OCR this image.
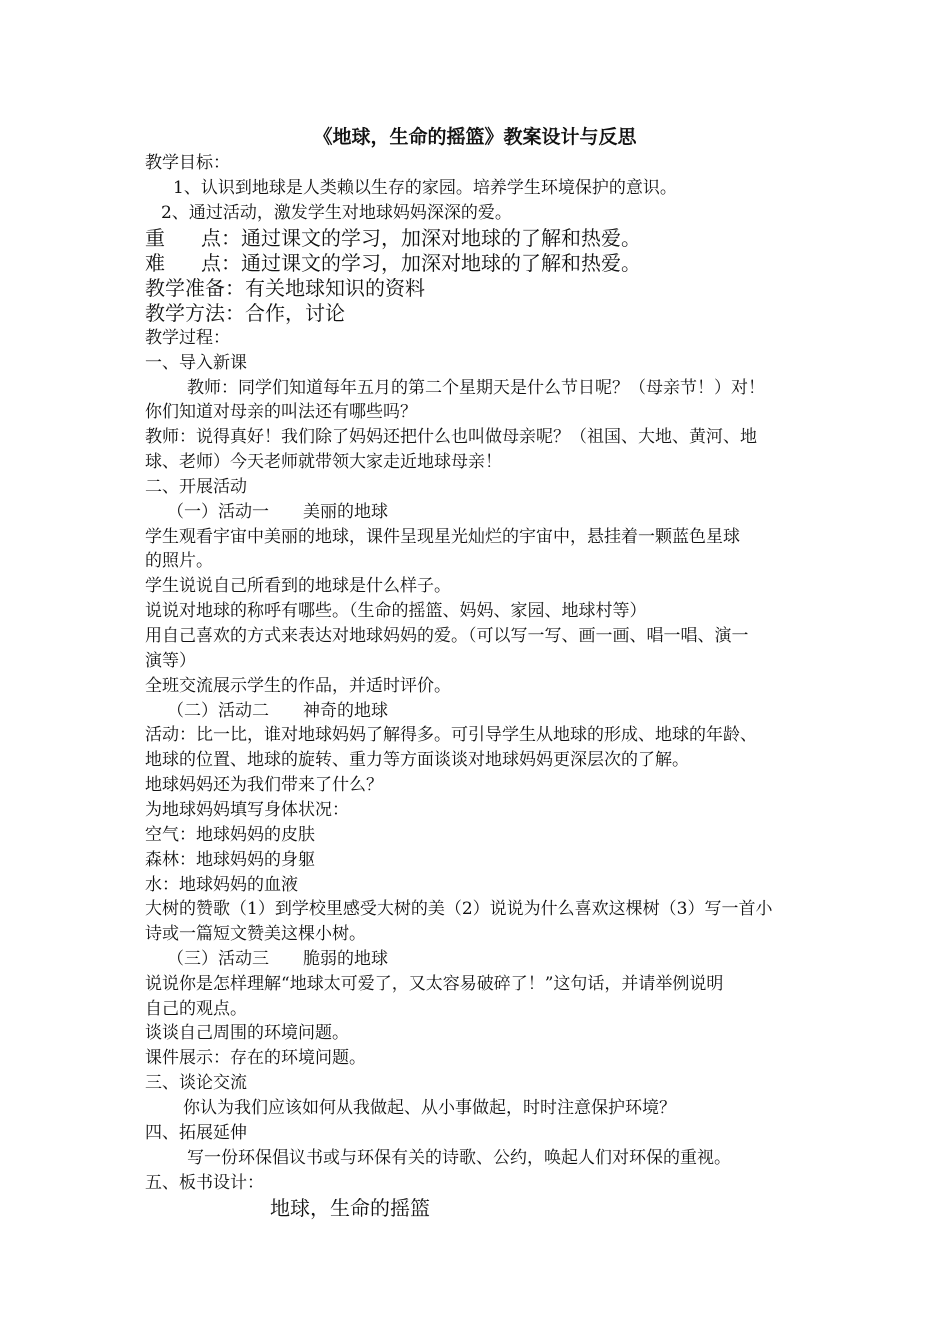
《地球，生命的摇篮》教案设计与反思
教学目标：
1、认识到地球是人类赖以生存的家园。培养学生环境保护的意识。
2、通过活动，激发学生对地球妈妈深深的爱。
重 点：通过课文的学习，加深对地球的了解和热爱。
难 点：通过课文的学习，加深对地球的了解和热爱。
教学准备：有关地球知识的资料
教学方法：合作，讨论
教学过程：
一、导入新课
教师：同学们知道每年五月的第二个星期天是什么节日呢？（母亲节！）对！
你们知道对母亲的叫法还有哪些吗？
教师：说得真好！我们除了妈妈还把什么也叫做母亲呢？（祖国、大地、黄河、地
球、老师）今天老师就带领大家走近地球母亲！
二、开展活动
（一）活动一 美丽的地球
学生观看宇宙中美丽的地球，课件呈现星光灿烂的宇宙中，悬挂着一颗蓝色星球
的照片。
学生说说自己所看到的地球是什么样子。
说说对地球的称呼有哪些。（生命的摇篮、妈妈、家园、地球村等）
用自己喜欢的方式来表达对地球妈妈的爱。（可以写一写、画一画、唱一唱、演一
演等）
全班交流展示学生的作品，并适时评价。
（二）活动二 神奇的地球
活动：比一比，谁对地球妈妈了解得多。可引导学生从地球的形成、地球的年龄、
地球的位置、地球的旋转、重力等方面谈谈对地球妈妈更深层次的了解。
地球妈妈还为我们带来了什么？
为地球妈妈填写身体状况：
空气：地球妈妈的皮肤
森林：地球妈妈的身躯
水：地球妈妈的血液
大树的赞歌（1）到学校里感受大树的美（2）说说为什么喜欢这棵树（3）写一首小
诗或一篇短文赞美这棵小树。
（三）活动三 脆弱的地球
说说你是怎样理解“地球太可爱了，又太容易破碎了！”这句话，并请举例说明
自己的观点。
谈谈自己周围的环境问题。
课件展示：存在的环境问题。
三、谈论交流
你认为我们应该如何从我做起、从小事做起，时时注意保护环境？
四、拓展延伸
写一份环保倡议书或与环保有关的诗歌、公约，唤起人们对环保的重视。
五、板书设计：
地球，生命的摇篮
